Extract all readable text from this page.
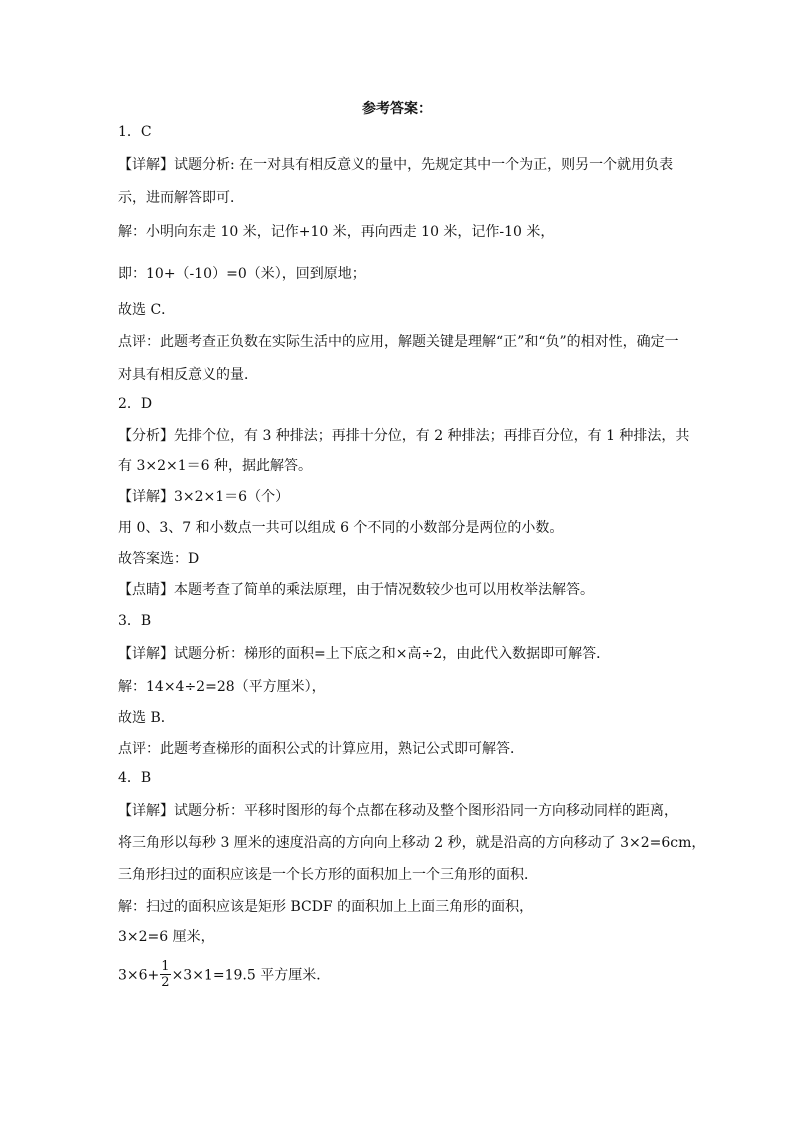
参考答案：
1．C
【详解】试题分析: 在一对具有相反意义的量中，先规定其中一个为正，则另一个就用负表
示，进而解答即可．
解：小明向东走 10 米，记作+10 米，再向西走 10 米，记作-10 米，
即：10+（-10）=0（米），回到原地；
故选 C．
点评：此题考查正负数在实际生活中的应用，解题关键是理解“正”和“负”的相对性，确定一
对具有相反意义的量．
2．D
【分析】先排个位，有 3 种排法；再排十分位，有 2 种排法；再排百分位，有 1 种排法，共
有 3×2×1＝6 种，据此解答。
【详解】3×2×1＝6（个）
用 0、3、7 和小数点一共可以组成 6 个不同的小数部分是两位的小数。
故答案选：D
【点睛】本题考查了简单的乘法原理，由于情况数较少也可以用枚举法解答。
3．B
【详解】试题分析：梯形的面积=上下底之和×高÷2，由此代入数据即可解答．
解：14×4÷2=28（平方厘米），
故选 B．
点评：此题考查梯形的面积公式的计算应用，熟记公式即可解答．
4．B
【详解】试题分析：平移时图形的每个点都在移动及整个图形沿同一方向移动同样的距离，
将三角形以每秒 3 厘米的速度沿高的方向向上移动 2 秒，就是沿高的方向移动了 3×2=6cm，
三角形扫过的面积应该是一个长方形的面积加上一个三角形的面积．
解：扫过的面积应该是矩形 BCDF 的面积加上上面三角形的面积，
3×2=6 厘米，
$3\times 6+ \frac{1}{2} \times 3\times 1=19.5$ 平方厘米．
